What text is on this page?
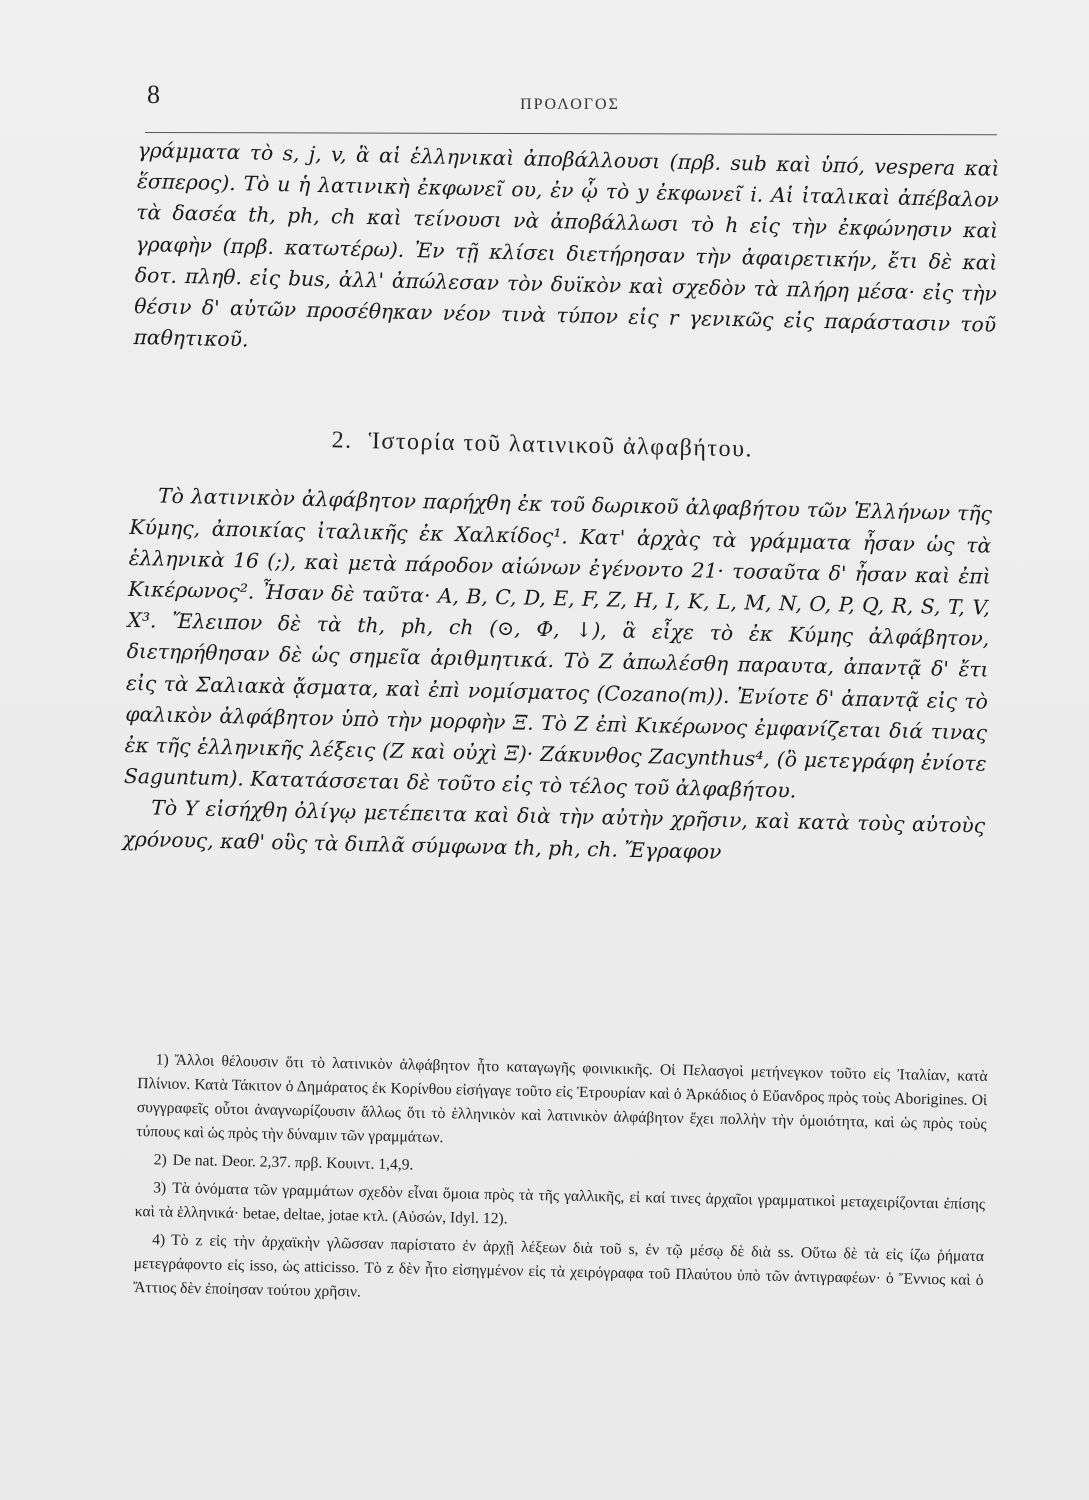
8	ΠΡΟΛΟΓΟΣ

γράμματα τὸ s, j, v, ἃ αἱ ἑλληνικαὶ ἀποβάλλουσι (πρβ. sub καὶ ὑπό, vespera καὶ ἕσπερος). Τὸ u ἡ λατινικὴ ἐκφωνεῖ ου, ἐν ᾧ τὸ y ἐκφωνεῖ i. Αἱ ἰταλικαὶ ἀπέβαλον τὰ δασέα th, ph, ch καὶ τείνουσι νὰ ἀποβάλλωσι τὸ h εἰς τὴν ἐκφώνησιν καὶ γραφὴν (πρβ. κατωτέρω). Ἐν τῇ κλίσει διετήρησαν τὴν ἀφαιρετικήν, ἔτι δὲ καὶ δοτ. πληθ. εἰς bus, ἀλλ' ἀπώλεσαν τὸν δυϊκὸν καὶ σχεδὸν τὰ πλήρη μέσα· εἰς τὴν θέσιν δ' αὐτῶν προσέθηκαν νέον τινὰ τύπον εἰς r γενικῶς εἰς παράστασιν τοῦ παθητικοῦ.

2. Ἱστορία τοῦ λατινικοῦ ἀλφαβήτου.

Τὸ λατινικὸν ἀλφάβητον παρήχθη ἐκ τοῦ δωρικοῦ ἀλφαβήτου τῶν Ἑλλήνων τῆς Κύμης, ἀποικίας ἰταλικῆς ἐκ Χαλκίδος¹. Κατ' ἀρχὰς τὰ γράμματα ἦσαν ὡς τὰ ἑλληνικὰ 16 (;), καὶ μετὰ πάροδον αἰώνων ἐγένοντο 21· τοσαῦτα δ' ἦσαν καὶ ἐπὶ Κικέρωνος². Ἦσαν δὲ ταῦτα· A, B, C, D, E, F, Z, H, I, K, L, M, N, O, P, Q, R, S, T, V, X³. Ἔλειπον δὲ τὰ th, ph, ch (⊙, Ф, ↓), ἃ εἶχε τὸ ἐκ Κύμης ἀλφάβητον, διετηρήθησαν δὲ ὡς σημεῖα ἀριθμητικά. Τὸ Z ἀπωλέσθη παραυτα, ἀπαντᾷ δ' ἔτι εἰς τὰ Σαλιακὰ ᾄσματα, καὶ ἐπὶ νομίσματος (Cozano(m)). Ἐνίοτε δ' ἀπαντᾷ εἰς τὸ φαλικὸν ἀλφάβητον ὑπὸ τὴν μορφὴν Ξ. Τὸ Z ἐπὶ Κικέρωνος ἐμφανίζεται διά τινας ἐκ τῆς ἑλληνικῆς λέξεις (Z καὶ οὐχὶ Ξ)· Ζάκυνθος Zacynthus⁴, (ὃ μετεγράφη ἐνίοτε Saguntum). Κατατάσσεται δὲ τοῦτο εἰς τὸ τέλος τοῦ ἀλφαβήτου.

Τὸ Y εἰσήχθη ὀλίγῳ μετέπειτα καὶ διὰ τὴν αὐτὴν χρῆσιν, καὶ κατὰ τοὺς αὐτοὺς χρόνους, καθ' οὓς τὰ διπλᾶ σύμφωνα th, ph, ch. Ἔγραφον

1) Ἄλλοι θέλουσιν ὅτι τὸ λατινικὸν ἀλφάβητον ἦτο καταγωγῆς φοινικικῆς. Οἱ Πελασγοὶ μετήνεγκον τοῦτο εἰς Ἰταλίαν, κατὰ Πλίνιον. Κατὰ Τάκιτον ὁ Δημάρατος ἐκ Κορίνθου εἰσήγαγε τοῦτο εἰς Ἐτρουρίαν καὶ ὁ Ἀρκάδιος ὁ Εὔανδρος πρὸς τοὺς Aborigines. Οἱ συγγραφεῖς οὗτοι ἀναγνωρίζουσιν ἄλλως ὅτι τὸ ἑλληνικὸν καὶ λατινικὸν ἀλφάβητον ἔχει πολλὴν τὴν ὁμοιότητα, καὶ ὡς πρὸς τοὺς τύπους καὶ ὡς πρὸς τὴν δύναμιν τῶν γραμμάτων.

2) De nat. Deor. 2,37. πρβ. Κουιντ. 1,4,9.

3) Τὰ ὀνόματα τῶν γραμμάτων σχεδὸν εἶναι ὅμοια πρὸς τὰ τῆς γαλλικῆς, εἰ καί τινες ἀρχαῖοι γραμματικοὶ μεταχειρίζονται ἐπίσης καὶ τὰ ἑλληνικά· betae, deltae, jotae κτλ. (Αὐσών, Idyl. 12).

4) Τὸ z εἰς τὴν ἀρχαϊκὴν γλῶσσαν παρίστατο ἐν ἀρχῇ λέξεων διὰ τοῦ s, ἐν τῷ μέσῳ δὲ διὰ ss. Οὕτω δὲ τὰ εἰς ίζω ῥήματα μετεγράφοντο εἰς isso, ὡς atticisso. Τὸ z δὲν ἦτο εἰσηγμένον εἰς τὰ χειρόγραφα τοῦ Πλαύτου ὑπὸ τῶν ἀντιγραφέων· ὁ Ἔννιος καὶ ὁ Ἄττιος δὲν ἐποίησαν τούτου χρῆσιν.
